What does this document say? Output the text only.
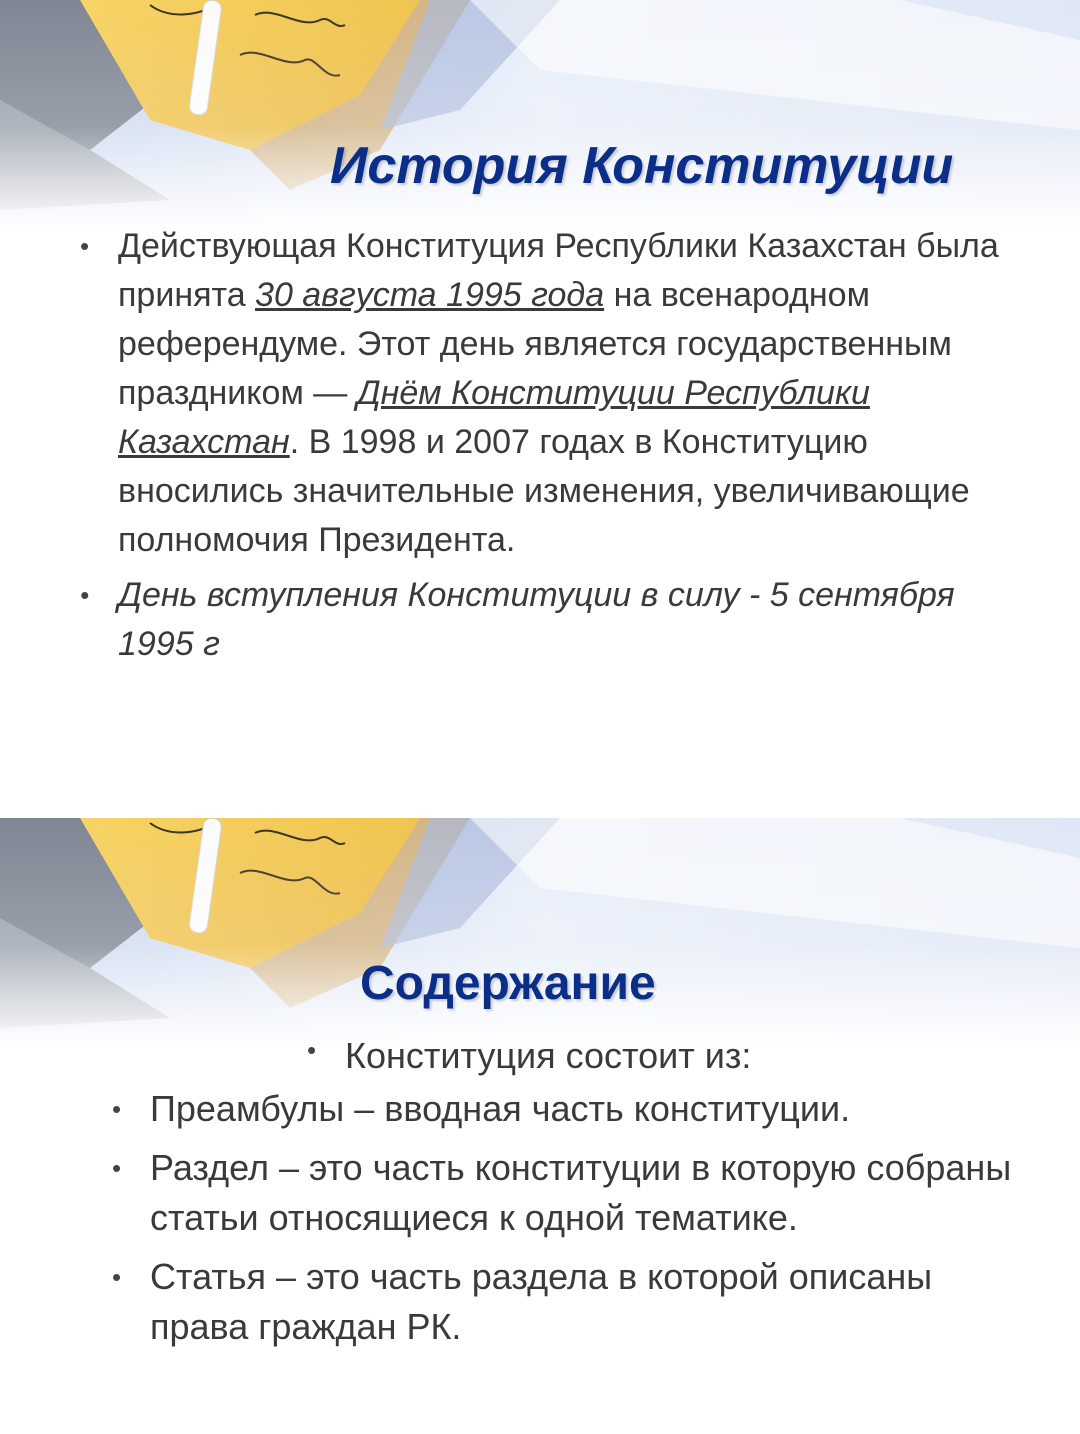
История Конституции
• Действующая Конституция Республики Казахстан была принята 30 августа 1995 года на всенародном референдуме. Этот день является государственным праздником — Днём Конституции Республики Казахстан. В 1998 и 2007 годах в Конституцию вносились значительные изменения, увеличивающие полномочия Президента.
• День вступления Конституции в силу - 5 сентября 1995 г
Содержание

• Конституция состоит из:

• Преамбулы – вводная часть конституции.
• Раздел – это часть конституции в которую собраны статьи относящиеся к одной тематике.
• Статья – это часть раздела в которой описаны права граждан РК.
